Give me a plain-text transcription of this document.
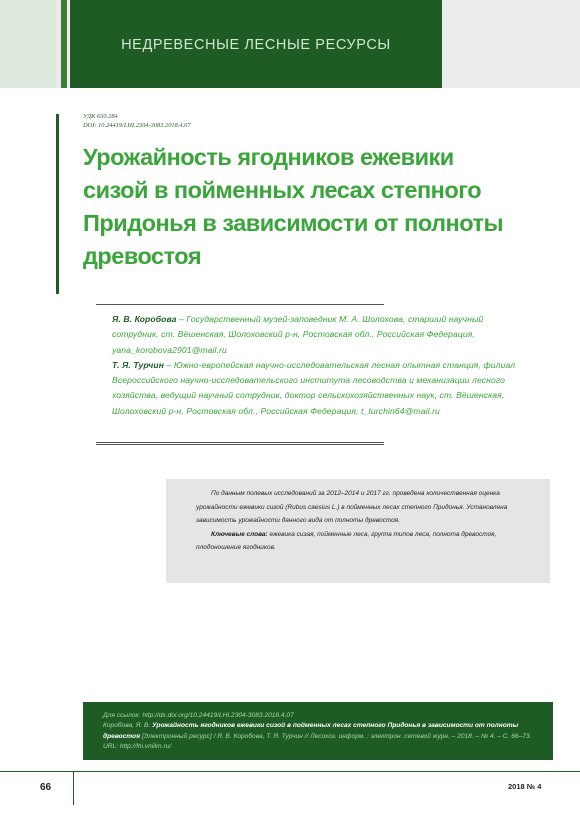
НЕДРЕВЕСНЫЕ ЛЕСНЫЕ РЕСУРСЫ
УДК 630.284
DOI: 10.24419/LHI.2304-3083.2018.4.07
Урожайность ягодников ежевики сизой в пойменных лесах степного Придонья в зависимости от полноты древостоя
Я. В. Коробова – Государственный музей-заповедник М. А. Шолохова, старший научный сотрудник, ст. Вёшенская, Шолоховский р-н, Ростовская обл., Российская Федерация, yana_korobova2901@mail.ru
Т. Я. Турчин – Южно-европейская научно-исследовательская лесная опытная станция, филиал Всероссийского научно-исследовательского института лесоводства и механизации лесного хозяйства, ведущий научный сотрудник, доктор сельскохозяйственных наук, ст. Вёшенская, Шолоховский р-н, Ростовская обл., Российская Федерация, t_turchin64@mail.ru

По данным полевых исследований за 2012–2014 и 2017 гг. проведена количественная оценка урожайности ежевики сизой (Rubus caesius L.) в пойменных лесах степного Придонья. Установлена зависимость урожайности данного вида от полноты древостоя.

Ключевые слова: ежевика сизая, пойменные леса, группа типов леса, полнота древостоя, плодоношение ягодников.

Для ссылок: http://dx.doi.org/10.24419/LHI.2304-3083.2018.4.07
Коробова, Я. В. Урожайность ягодников ежевики сизой в пойменных лесах степного Придонья в зависимости от полноты древостоя [Электронный ресурс] / Я. В. Коробова, Т. Я. Турчин // Лесохоз. информ. : электрон. сетевой журн. – 2018. – № 4. – С. 66–73. URL: http://lhi.vniilm.ru/
66	2018 № 4
